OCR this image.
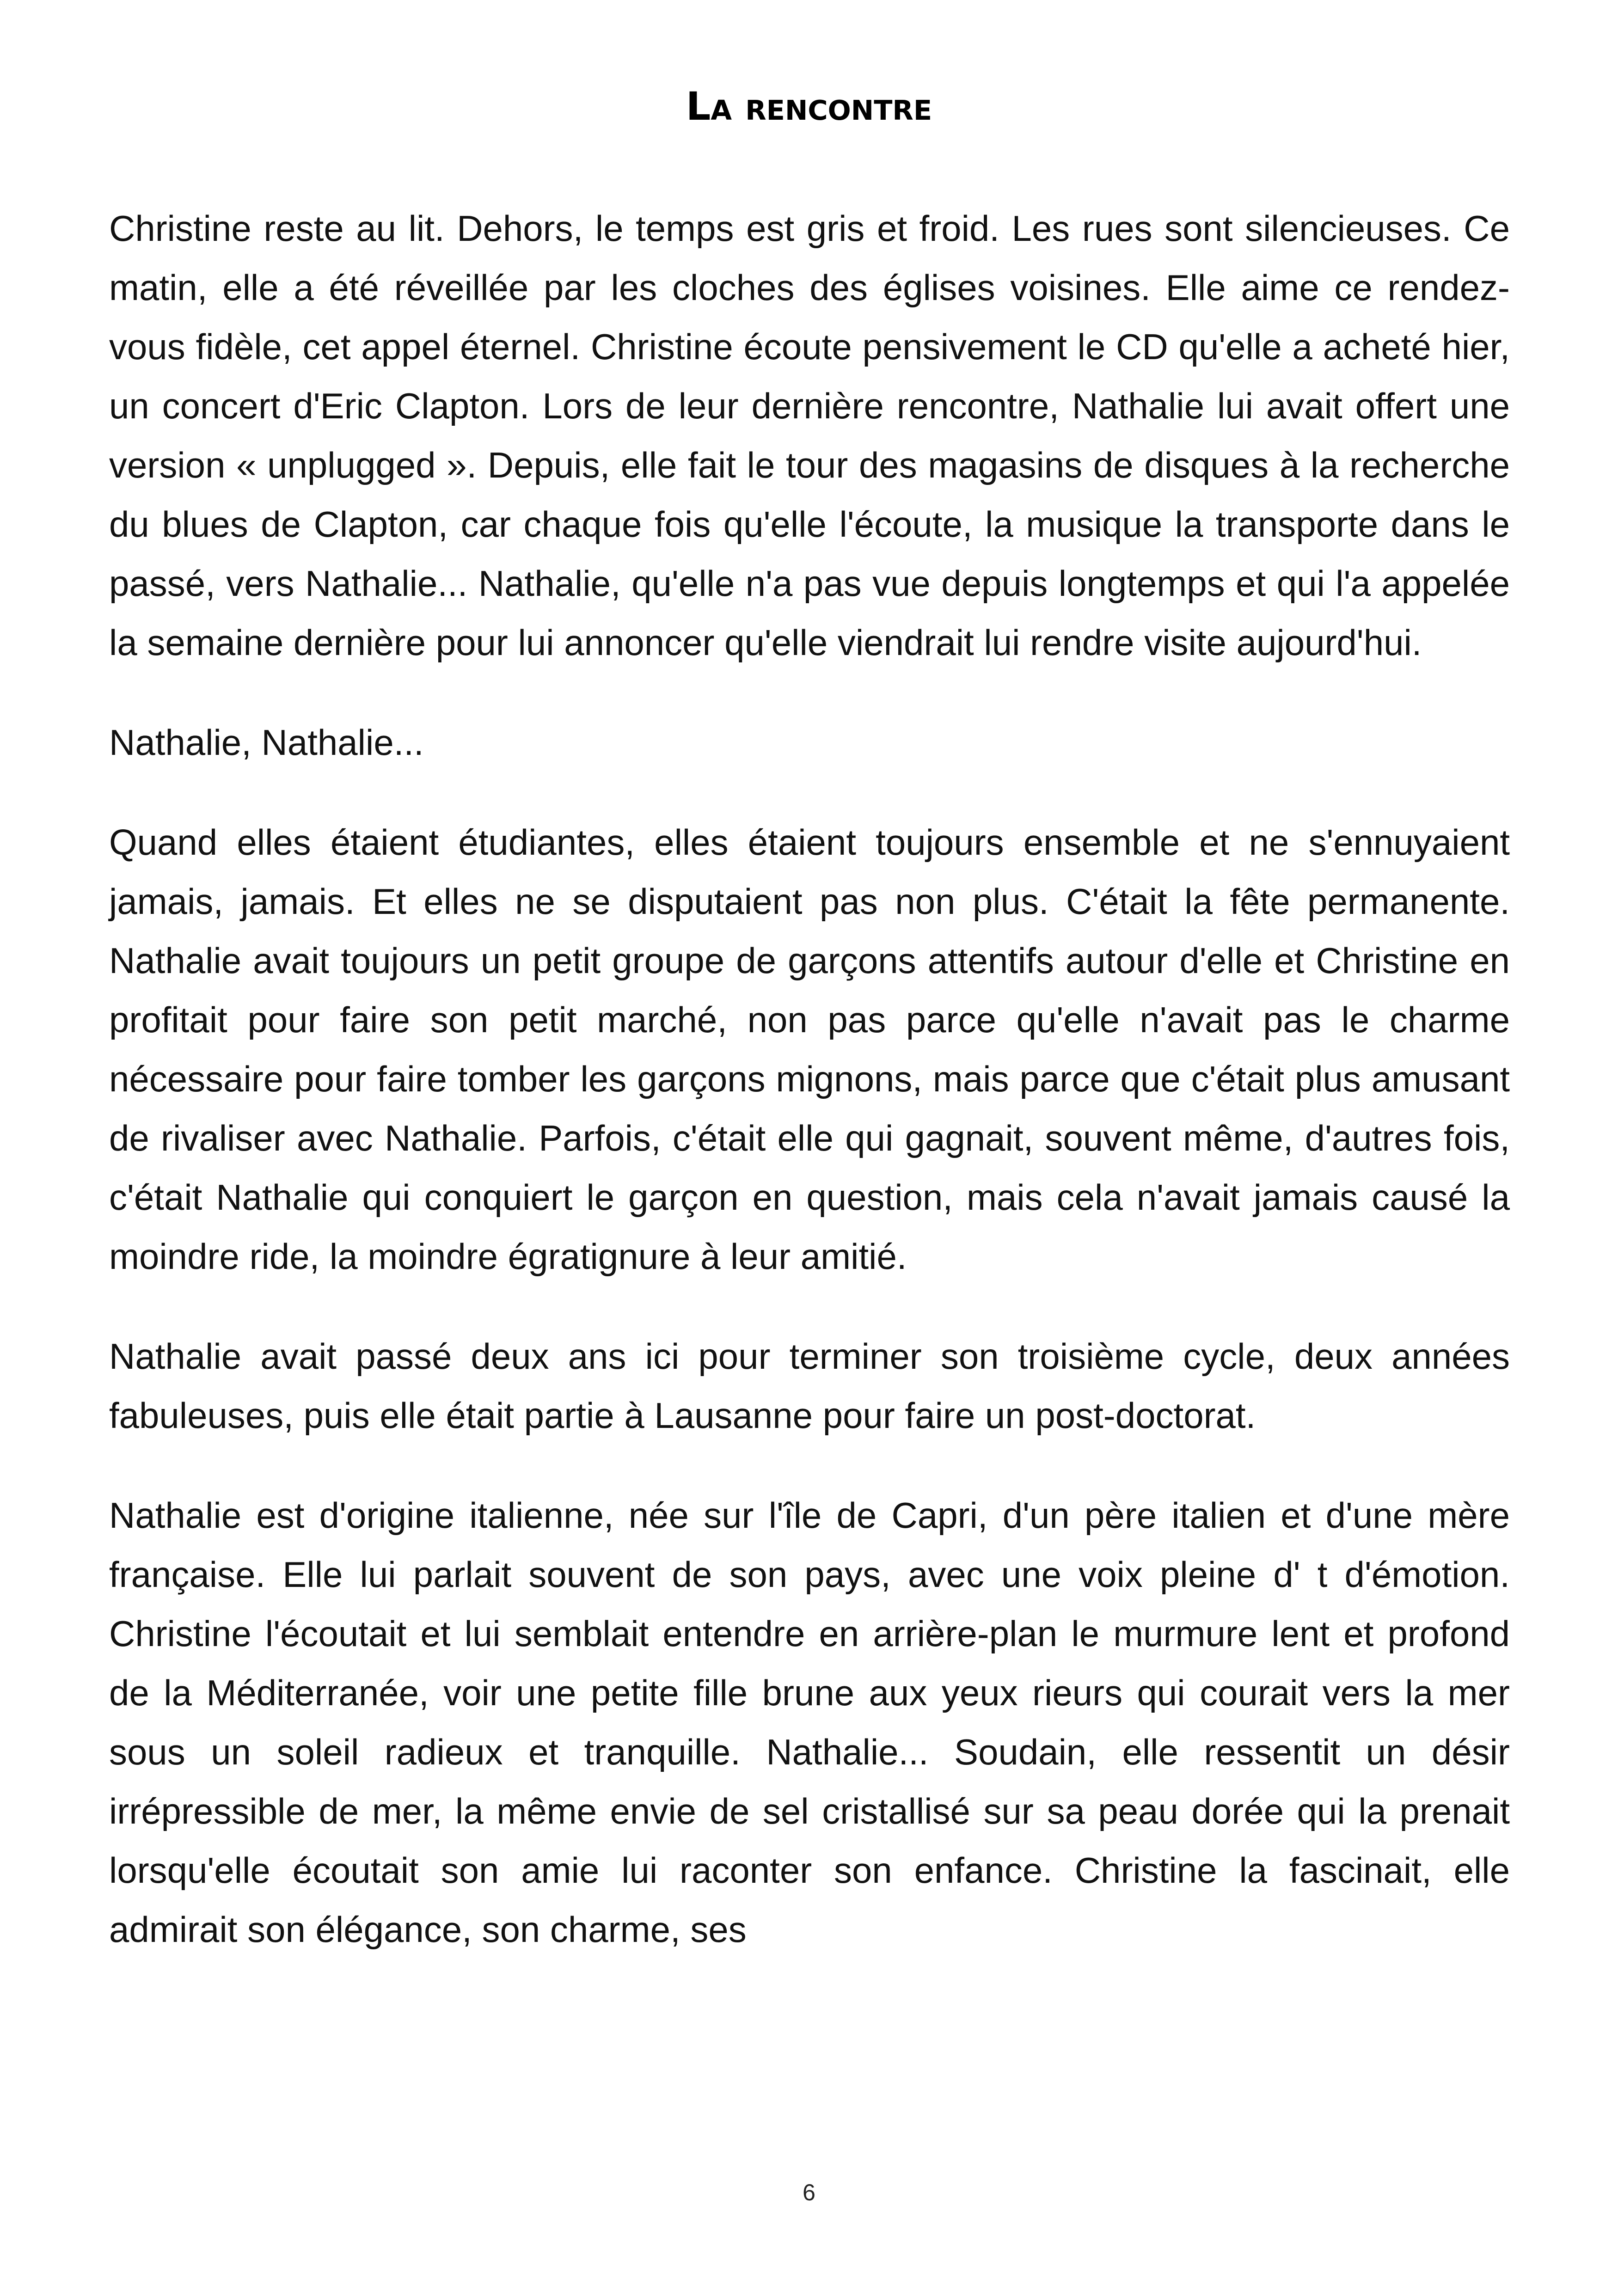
La rencontre

Christine reste au lit. Dehors, le temps est gris et froid. Les rues sont silencieuses. Ce matin, elle a été réveillée par les cloches des églises voisines. Elle aime ce rendez-vous fidèle, cet appel éternel. Christine écoute pensivement le CD qu'elle a acheté hier, un concert d'Eric Clapton. Lors de leur dernière rencontre, Nathalie lui avait offert une version « unplugged ». Depuis, elle fait le tour des magasins de disques à la recherche du blues de Clapton, car chaque fois qu'elle l'écoute, la musique la transporte dans le passé, vers Nathalie... Nathalie, qu'elle n'a pas vue depuis longtemps et qui l'a appelée la semaine dernière pour lui annoncer qu'elle viendrait lui rendre visite aujourd'hui.

Nathalie, Nathalie...

Quand elles étaient étudiantes, elles étaient toujours ensemble et ne s'ennuyaient jamais, jamais. Et elles ne se disputaient pas non plus. C'était la fête permanente. Nathalie avait toujours un petit groupe de garçons attentifs autour d'elle et Christine en profitait pour faire son petit marché, non pas parce qu'elle n'avait pas le charme nécessaire pour faire tomber les garçons mignons, mais parce que c'était plus amusant de rivaliser avec Nathalie. Parfois, c'était elle qui gagnait, souvent même, d'autres fois, c'était Nathalie qui conquiert le garçon en question, mais cela n'avait jamais causé la moindre ride, la moindre égratignure à leur amitié.

Nathalie avait passé deux ans ici pour terminer son troisième cycle, deux années fabuleuses, puis elle était partie à Lausanne pour faire un post-doctorat.

Nathalie est d'origine italienne, née sur l'île de Capri, d'un père italien et d'une mère française. Elle lui parlait souvent de son pays, avec une voix pleine d' t d'émotion. Christine l'écoutait et lui semblait entendre en arrière-plan le murmure lent et profond de la Méditerranée, voir une petite fille brune aux yeux rieurs qui courait vers la mer sous un soleil radieux et tranquille. Nathalie... Soudain, elle ressentit un désir irrépressible de mer, la même envie de sel cristallisé sur sa peau dorée qui la prenait lorsqu'elle écoutait son amie lui raconter son enfance. Christine la fascinait, elle admirait son élégance, son charme, ses

6
